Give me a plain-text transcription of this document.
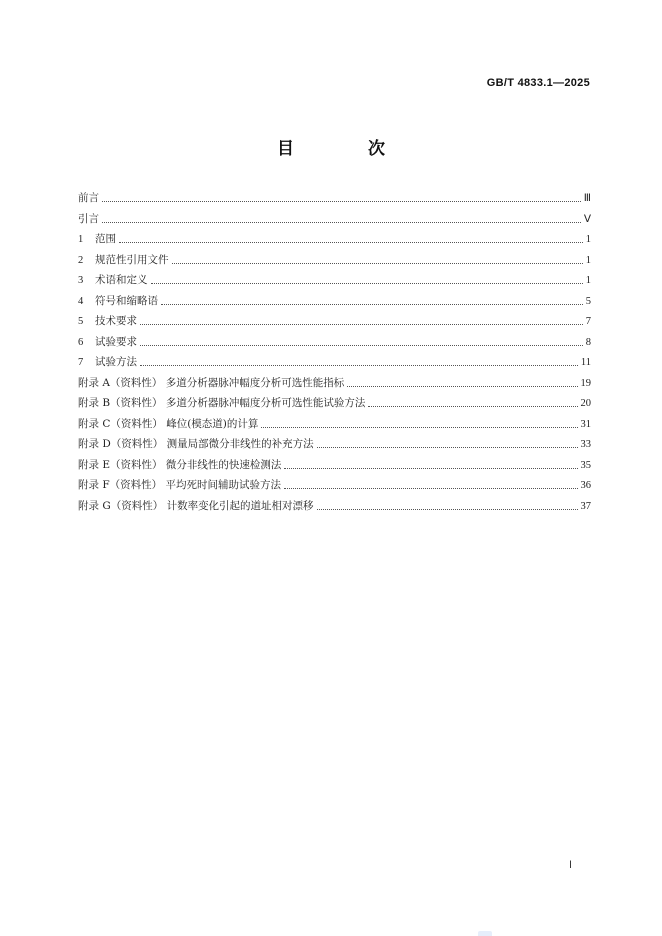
GB/T 4833.1—2025
目 次
前言	Ⅲ
引言	Ⅴ
1	范围	1
2	规范性引用文件	1
3	术语和定义	1
4	符号和缩略语	5
5	技术要求	7
6	试验要求	8
7	试验方法	11
附录 A（资料性） 多道分析器脉冲幅度分析可选性能指标	19
附录 B（资料性） 多道分析器脉冲幅度分析可选性能试验方法	20
附录 C（资料性） 峰位(模态道)的计算	31
附录 D（资料性） 测量局部微分非线性的补充方法	33
附录 E（资料性） 微分非线性的快速检测法	35
附录 F（资料性） 平均死时间辅助试验方法	36
附录 G（资料性） 计数率变化引起的道址相对漂移	37
Ⅰ
